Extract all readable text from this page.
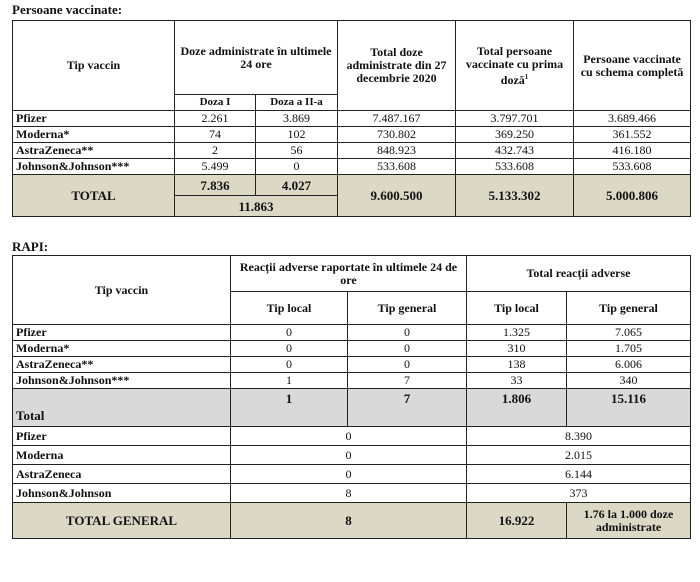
Persoane vaccinate:
Tip vaccin	Doze administrate în ultimele 24 ore		Total doze administrate din 27 decembrie 2020	Total persoane vaccinate cu prima doză$^1$	Persoane vaccinate cu schema completă
	Doza I	Doza a II-a			
Pfizer	2.261	3.869	7.487.167	3.797.701	3.689.466
Moderna*	74	102	730.802	369.250	361.552
AstraZeneca**	2	56	848.923	432.743	416.180
Johnson&Johnson***	5.499	0	533.608	533.608	533.608
TOTAL	7.836	4.027	9.600.500	5.133.302	5.000.806
	11.863				
RAPI:
Tip vaccin	Reacții adverse raportate în ultimele 24 de ore		Total reacții adverse	
	Tip local	Tip general	Tip local	Tip general
Pfizer	0	0	1.325	7.065
Moderna*	0	0	310	1.705
AstraZeneca**	0	0	138	6.006
Johnson&Johnson***	1	7	33	340
Total	1	7	1.806	15.116
Pfizer	0		8.390	
Moderna	0		2.015	
AstraZeneca	0		6.144	
Johnson&Johnson	8		373	
TOTAL GENERAL	8		16.922	1.76 la 1.000 doze administrate
